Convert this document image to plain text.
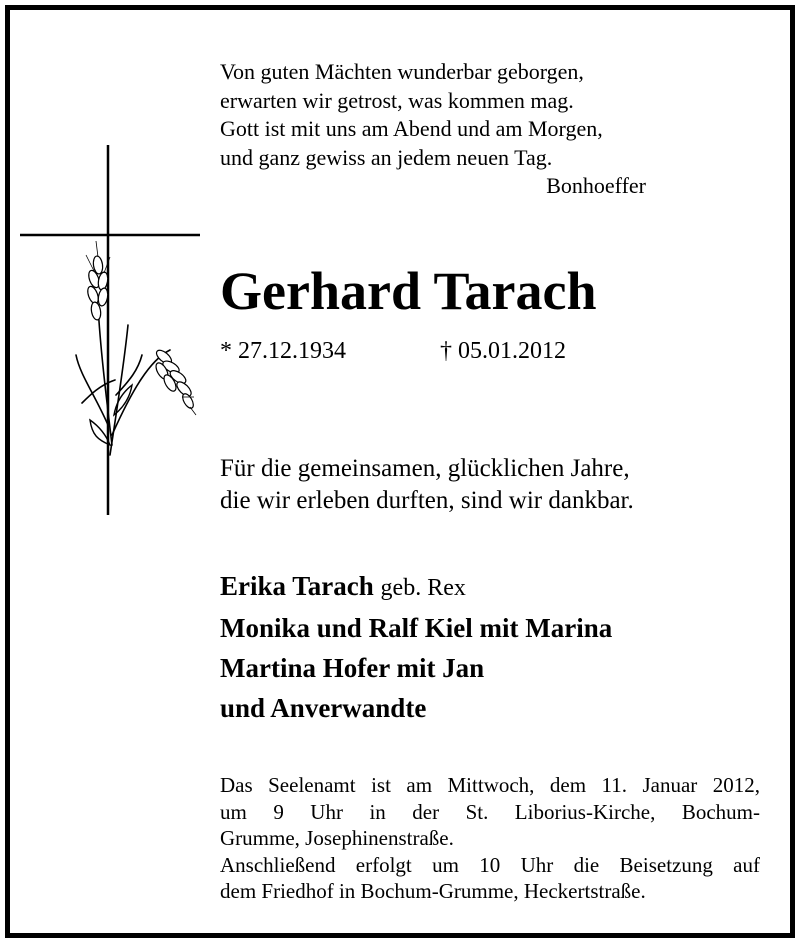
Von guten Mächten wunderbar geborgen,
erwarten wir getrost, was kommen mag.
Gott ist mit uns am Abend und am Morgen,
und ganz gewiss an jedem neuen Tag.
Bonhoeffer
Gerhard Tarach
* 27.12.1934	† 05.01.2012
Für die gemeinsamen, glücklichen Jahre,
die wir erleben durften, sind wir dankbar.
Erika Tarach geb. Rex
Monika und Ralf Kiel mit Marina
Martina Hofer mit Jan
und Anverwandte
Das Seelenamt ist am Mittwoch, dem 11. Januar 2012,
um 9 Uhr in der St. Liborius-Kirche, Bochum-
Grumme, Josephinenstraße.
Anschließend erfolgt um 10 Uhr die Beisetzung auf
dem Friedhof in Bochum-Grumme, Heckertstraße.
